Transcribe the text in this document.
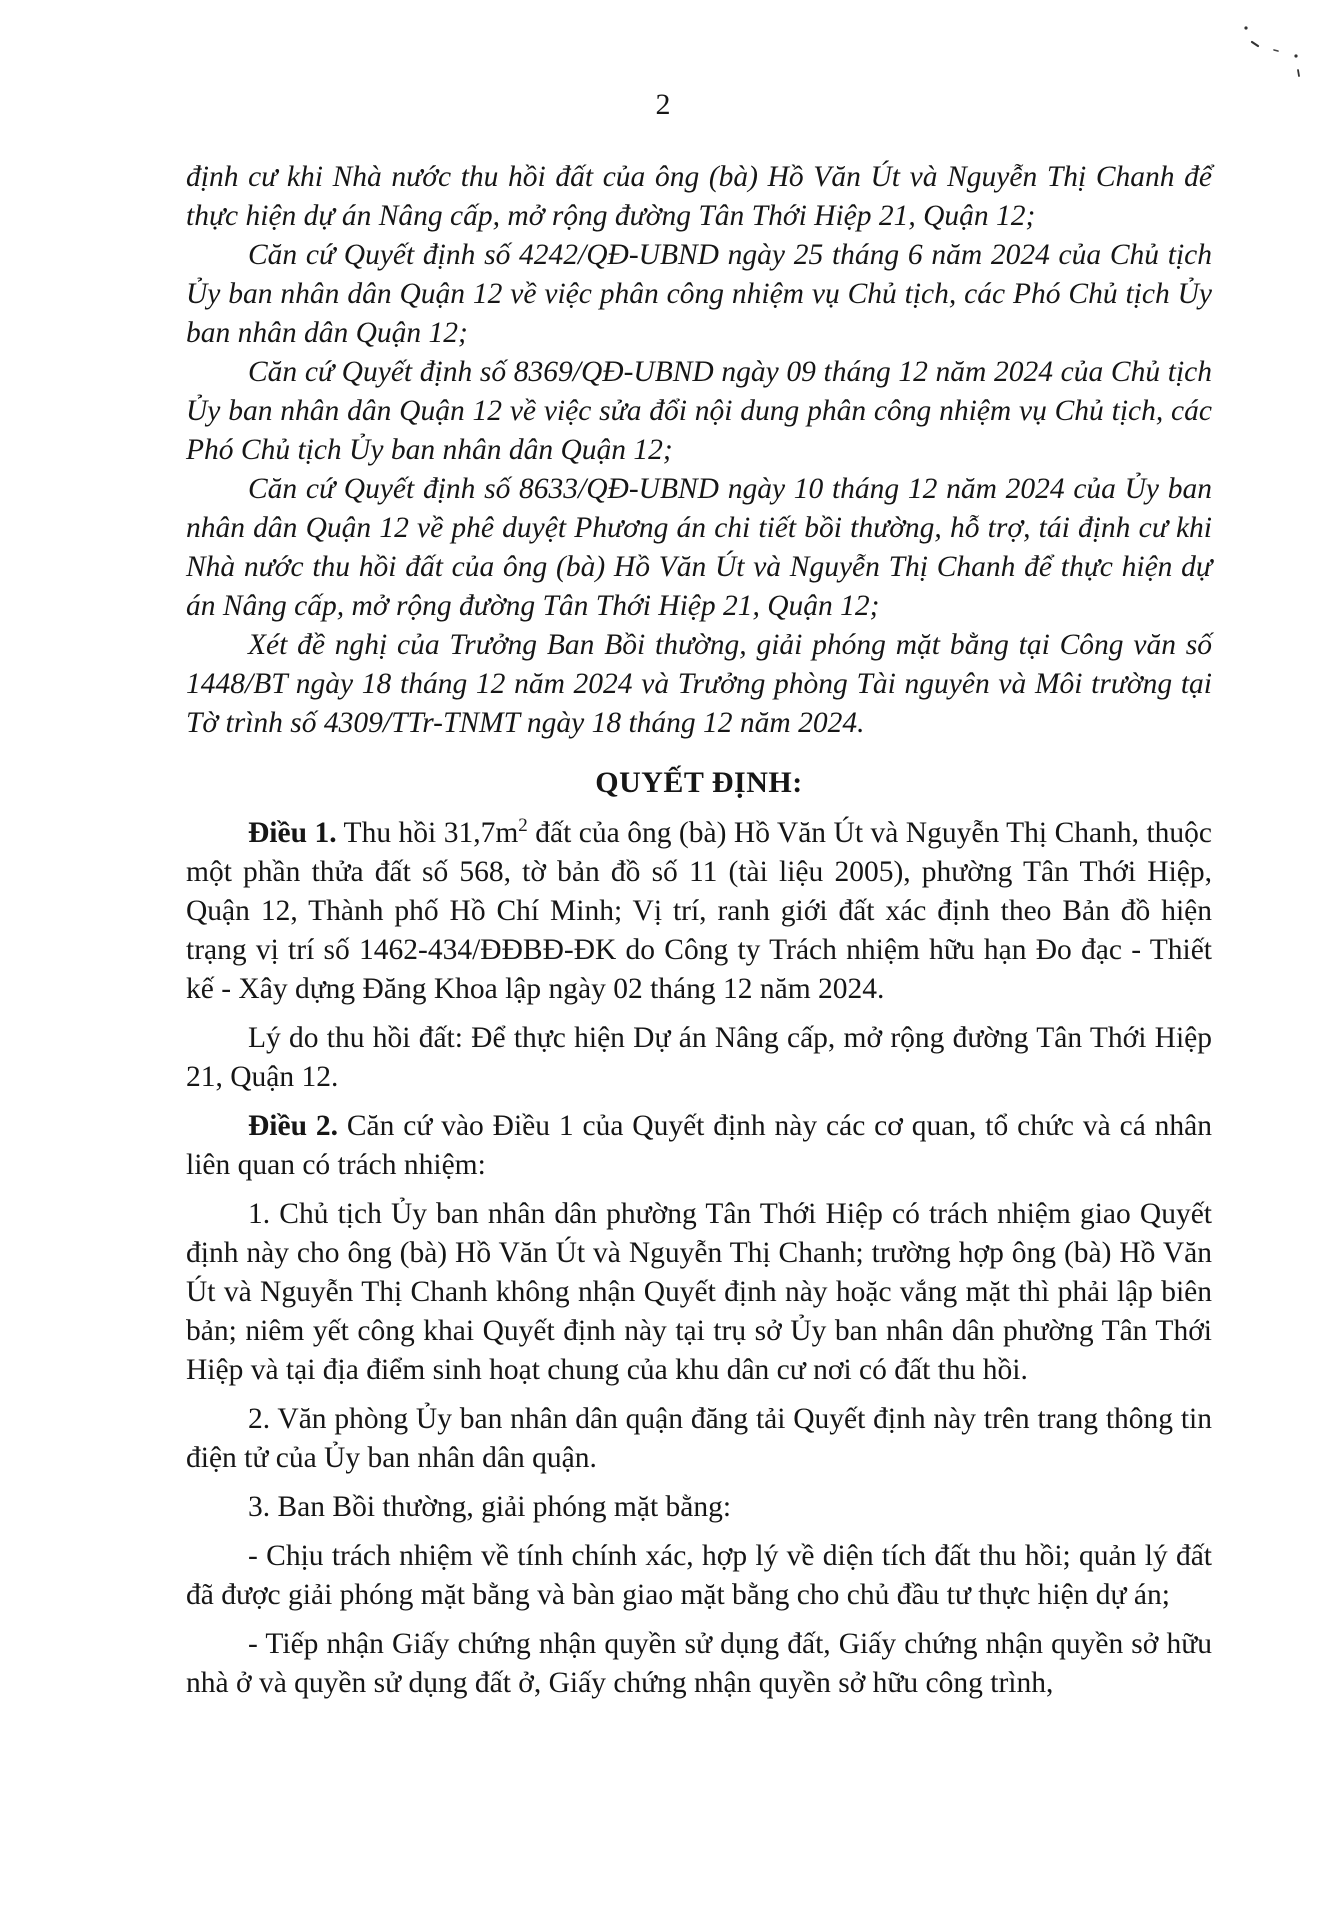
2

định cư khi Nhà nước thu hồi đất của ông (bà) Hồ Văn Út và Nguyễn Thị Chanh để thực hiện dự án Nâng cấp, mở rộng đường Tân Thới Hiệp 21, Quận 12;

Căn cứ Quyết định số 4242/QĐ-UBND ngày 25 tháng 6 năm 2024 của Chủ tịch Ủy ban nhân dân Quận 12 về việc phân công nhiệm vụ Chủ tịch, các Phó Chủ tịch Ủy ban nhân dân Quận 12;

Căn cứ Quyết định số 8369/QĐ-UBND ngày 09 tháng 12 năm 2024 của Chủ tịch Ủy ban nhân dân Quận 12 về việc sửa đổi nội dung phân công nhiệm vụ Chủ tịch, các Phó Chủ tịch Ủy ban nhân dân Quận 12;

Căn cứ Quyết định số 8633/QĐ-UBND ngày 10 tháng 12 năm 2024 của Ủy ban nhân dân Quận 12 về phê duyệt Phương án chi tiết bồi thường, hỗ trợ, tái định cư khi Nhà nước thu hồi đất của ông (bà) Hồ Văn Út và Nguyễn Thị Chanh để thực hiện dự án Nâng cấp, mở rộng đường Tân Thới Hiệp 21, Quận 12;

Xét đề nghị của Trưởng Ban Bồi thường, giải phóng mặt bằng tại Công văn số 1448/BT ngày 18 tháng 12 năm 2024 và Trưởng phòng Tài nguyên và Môi trường tại Tờ trình số 4309/TTr-TNMT ngày 18 tháng 12 năm 2024.

QUYẾT ĐỊNH:

Điều 1. Thu hồi $31,7m^2$ đất của ông (bà) Hồ Văn Út và Nguyễn Thị Chanh, thuộc một phần thửa đất số 568, tờ bản đồ số 11 (tài liệu 2005), phường Tân Thới Hiệp, Quận 12, Thành phố Hồ Chí Minh; Vị trí, ranh giới đất xác định theo Bản đồ hiện trạng vị trí số 1462-434/ĐĐBĐ-ĐK do Công ty Trách nhiệm hữu hạn Đo đạc - Thiết kế - Xây dựng Đăng Khoa lập ngày 02 tháng 12 năm 2024.

Lý do thu hồi đất: Để thực hiện Dự án Nâng cấp, mở rộng đường Tân Thới Hiệp 21, Quận 12.

Điều 2. Căn cứ vào Điều 1 của Quyết định này các cơ quan, tổ chức và cá nhân liên quan có trách nhiệm:

1. Chủ tịch Ủy ban nhân dân phường Tân Thới Hiệp có trách nhiệm giao Quyết định này cho ông (bà) Hồ Văn Út và Nguyễn Thị Chanh; trường hợp ông (bà) Hồ Văn Út và Nguyễn Thị Chanh không nhận Quyết định này hoặc vắng mặt thì phải lập biên bản; niêm yết công khai Quyết định này tại trụ sở Ủy ban nhân dân phường Tân Thới Hiệp và tại địa điểm sinh hoạt chung của khu dân cư nơi có đất thu hồi.

2. Văn phòng Ủy ban nhân dân quận đăng tải Quyết định này trên trang thông tin điện tử của Ủy ban nhân dân quận.

3. Ban Bồi thường, giải phóng mặt bằng:

- Chịu trách nhiệm về tính chính xác, hợp lý về diện tích đất thu hồi; quản lý đất đã được giải phóng mặt bằng và bàn giao mặt bằng cho chủ đầu tư thực hiện dự án;

- Tiếp nhận Giấy chứng nhận quyền sử dụng đất, Giấy chứng nhận quyền sở hữu nhà ở và quyền sử dụng đất ở, Giấy chứng nhận quyền sở hữu công trình,
